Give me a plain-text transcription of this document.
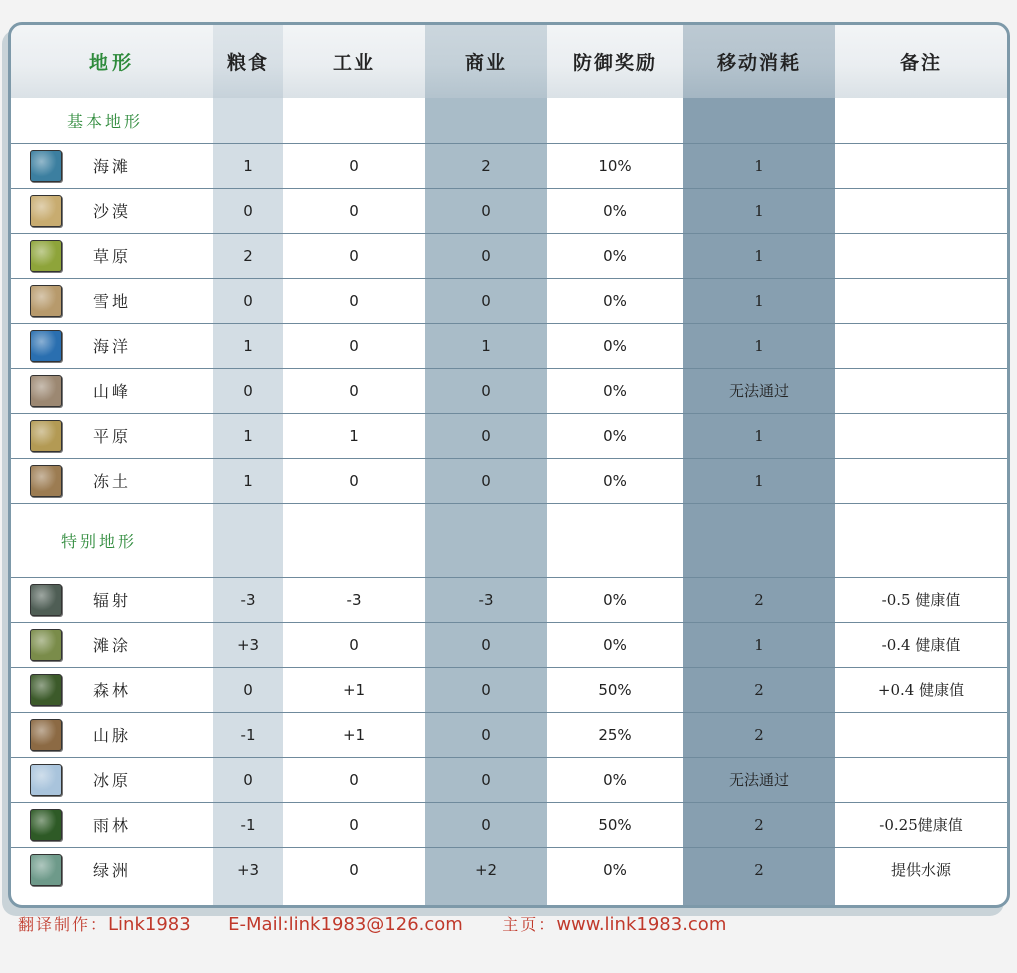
地形		粮食	工业	商业	防御奖励	移动消耗	备注
基本地形							
	海滩	1	0	2	10%	1	
	沙漠	0	0	0	0%	1	
	草原	2	0	0	0%	1	
	雪地	0	0	0	0%	1	
	海洋	1	0	1	0%	1	
	山峰	0	0	0	0%	无法通过	
	平原	1	1	0	0%	1	
	冻土	1	0	0	0%	1	
特别地形							
	辐射	-3	-3	-3	0%	2	-0.5 健康值
	滩涂	+3	0	0	0%	1	-0.4 健康值
	森林	0	+1	0	50%	2	+0.4 健康值
	山脉	-1	+1	0	25%	2	
	冰原	0	0	0	0%	无法通过	
	雨林	-1	0	0	50%	2	-0.25健康值
	绿洲	+3	0	+2	0%	2	提供水源
翻译制作：Link1983 E-Mail:link1983@126.com 主页：www.link1983.com
